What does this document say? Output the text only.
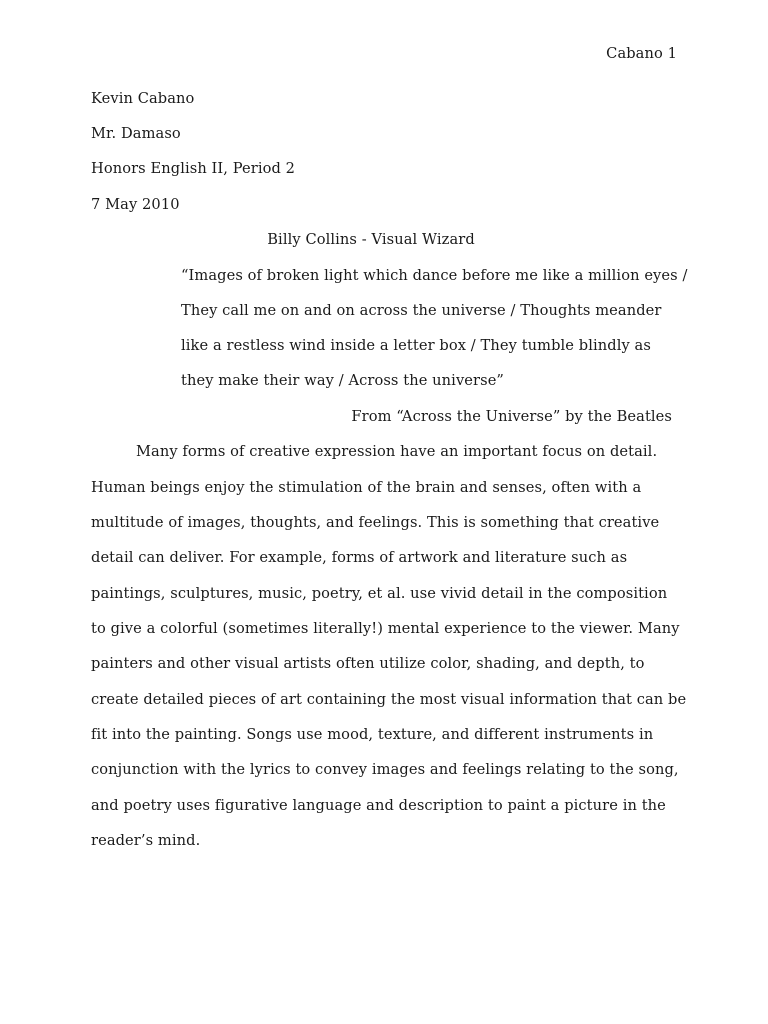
Cabano 1
Kevin Cabano
Mr. Damaso
Honors English II, Period 2
7 May 2010
Billy Collins - Visual Wizard
“Images of broken light which dance before me like a million eyes /
They call me on and on across the universe / Thoughts meander
like a restless wind inside a letter box / They tumble blindly as
they make their way / Across the universe”
From “Across the Universe” by the Beatles
Many forms of creative expression have an important focus on detail.
Human beings enjoy the stimulation of the brain and senses, often with a
multitude of images, thoughts, and feelings. This is something that creative
detail can deliver. For example, forms of artwork and literature such as
paintings, sculptures, music, poetry, et al. use vivid detail in the composition
to give a colorful (sometimes literally!) mental experience to the viewer. Many
painters and other visual artists often utilize color, shading, and depth, to
create detailed pieces of art containing the most visual information that can be
fit into the painting. Songs use mood, texture, and different instruments in
conjunction with the lyrics to convey images and feelings relating to the song,
and poetry uses figurative language and description to paint a picture in the
reader’s mind.
